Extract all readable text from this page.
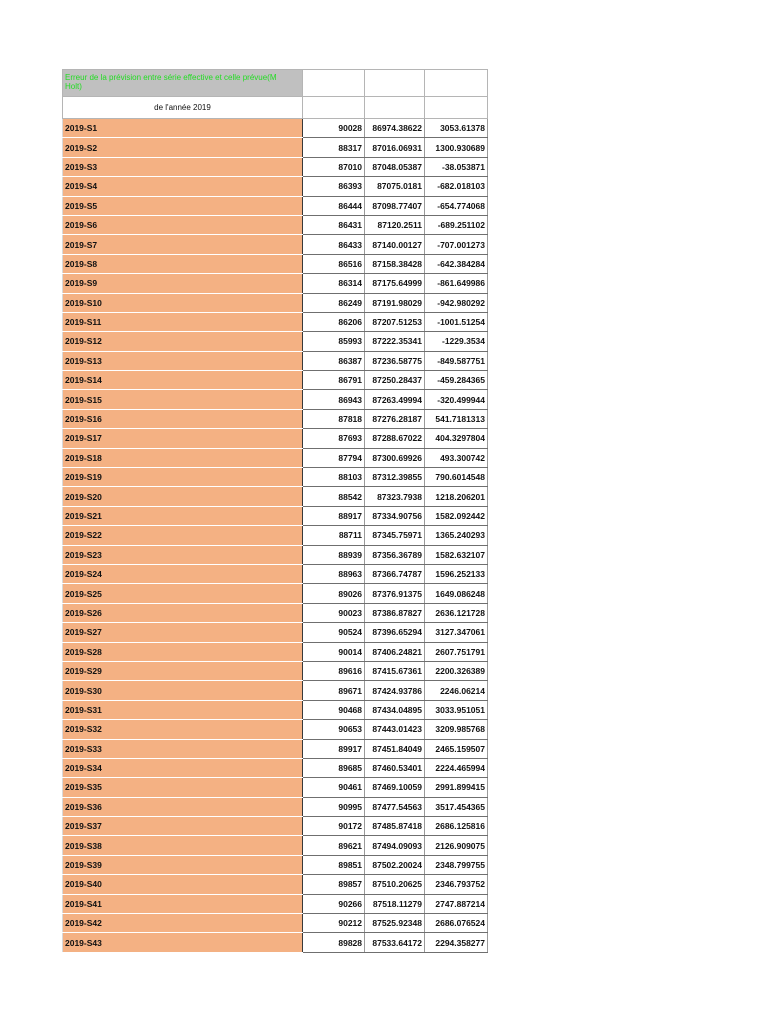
Erreur de la prévision entre série effective et celle prévue(M Holt)			

de l'année 2019			
2019-S1	90028	86974.38622	3053.61378
2019-S2	88317	87016.06931	1300.930689
2019-S3	87010	87048.05387	-38.053871
2019-S4	86393	87075.0181	-682.018103
2019-S5	86444	87098.77407	-654.774068
2019-S6	86431	87120.2511	-689.251102
2019-S7	86433	87140.00127	-707.001273
2019-S8	86516	87158.38428	-642.384284
2019-S9	86314	87175.64999	-861.649986
2019-S10	86249	87191.98029	-942.980292
2019-S11	86206	87207.51253	-1001.51254
2019-S12	85993	87222.35341	-1229.3534
2019-S13	86387	87236.58775	-849.587751
2019-S14	86791	87250.28437	-459.284365
2019-S15	86943	87263.49994	-320.499944
2019-S16	87818	87276.28187	541.7181313
2019-S17	87693	87288.67022	404.3297804
2019-S18	87794	87300.69926	493.300742
2019-S19	88103	87312.39855	790.6014548
2019-S20	88542	87323.7938	1218.206201
2019-S21	88917	87334.90756	1582.092442
2019-S22	88711	87345.75971	1365.240293
2019-S23	88939	87356.36789	1582.632107
2019-S24	88963	87366.74787	1596.252133
2019-S25	89026	87376.91375	1649.086248
2019-S26	90023	87386.87827	2636.121728
2019-S27	90524	87396.65294	3127.347061
2019-S28	90014	87406.24821	2607.751791
2019-S29	89616	87415.67361	2200.326389
2019-S30	89671	87424.93786	2246.06214
2019-S31	90468	87434.04895	3033.951051
2019-S32	90653	87443.01423	3209.985768
2019-S33	89917	87451.84049	2465.159507
2019-S34	89685	87460.53401	2224.465994
2019-S35	90461	87469.10059	2991.899415
2019-S36	90995	87477.54563	3517.454365
2019-S37	90172	87485.87418	2686.125816
2019-S38	89621	87494.09093	2126.909075
2019-S39	89851	87502.20024	2348.799755
2019-S40	89857	87510.20625	2346.793752
2019-S41	90266	87518.11279	2747.887214
2019-S42	90212	87525.92348	2686.076524
2019-S43	89828	87533.64172	2294.358277
